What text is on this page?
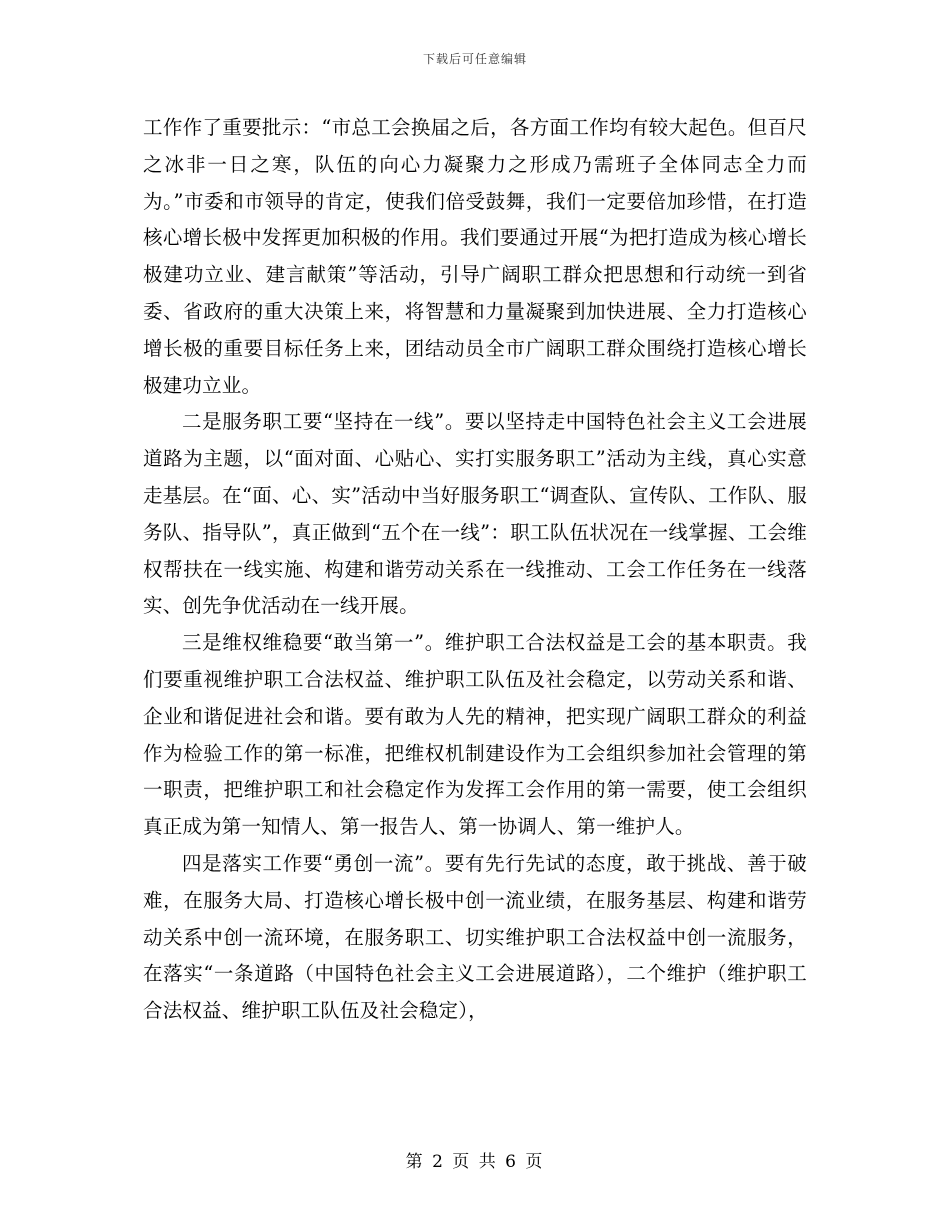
下载后可任意编辑

工作作了重要批示：“市总工会换届之后，各方面工作均有较大起色。但百尺之冰非一日之寒，队伍的向心力凝聚力之形成乃需班子全体同志全力而为。”市委和市领导的肯定，使我们倍受鼓舞，我们一定要倍加珍惜，在打造核心增长极中发挥更加积极的作用。我们要通过开展“为把打造成为核心增长极建功立业、建言献策”等活动，引导广阔职工群众把思想和行动统一到省委、省政府的重大决策上来，将智慧和力量凝聚到加快进展、全力打造核心增长极的重要目标任务上来，团结动员全市广阔职工群众围绕打造核心增长极建功立业。

二是服务职工要“坚持在一线”。要以坚持走中国特色社会主义工会进展道路为主题，以“面对面、心贴心、实打实服务职工”活动为主线，真心实意走基层。在“面、心、实”活动中当好服务职工“调查队、宣传队、工作队、服务队、指导队”，真正做到“五个在一线”：职工队伍状况在一线掌握、工会维权帮扶在一线实施、构建和谐劳动关系在一线推动、工会工作任务在一线落实、创先争优活动在一线开展。

三是维权维稳要“敢当第一”。维护职工合法权益是工会的基本职责。我们要重视维护职工合法权益、维护职工队伍及社会稳定，以劳动关系和谐、企业和谐促进社会和谐。要有敢为人先的精神，把实现广阔职工群众的利益作为检验工作的第一标准，把维权机制建设作为工会组织参加社会管理的第一职责，把维护职工和社会稳定作为发挥工会作用的第一需要，使工会组织真正成为第一知情人、第一报告人、第一协调人、第一维护人。

四是落实工作要“勇创一流”。要有先行先试的态度，敢于挑战、善于破难，在服务大局、打造核心增长极中创一流业绩，在服务基层、构建和谐劳动关系中创一流环境，在服务职工、切实维护职工合法权益中创一流服务，在落实“一条道路（中国特色社会主义工会进展道路），二个维护（维护职工合法权益、维护职工队伍及社会稳定），

第 2 页 共 6 页
